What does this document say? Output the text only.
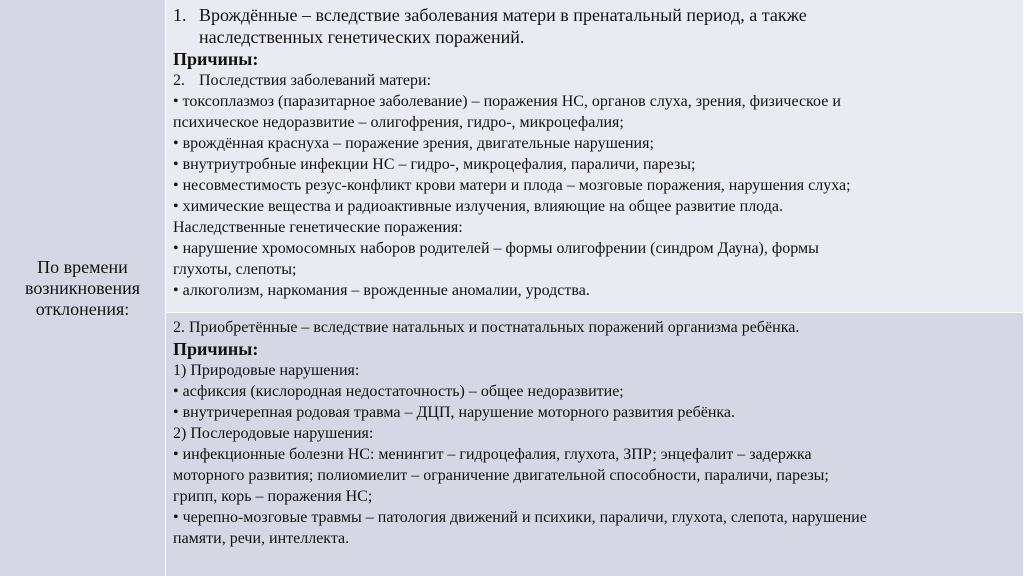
По времени
возникновения
отклонения:
1. Врождённые – вследствие заболевания матери в пренатальный период, а также
наследственных генетических поражений.
Причины:
2. Последствия заболеваний матери:
• токсоплазмоз (паразитарное заболевание) – поражения НС, органов слуха, зрения, физическое и
психическое недоразвитие – олигофрения, гидро-, микроцефалия;
• врождённая краснуха – поражение зрения, двигательные нарушения;
• внутриутробные инфекции НС – гидро-, микроцефалия, параличи, парезы;
• несовместимость резус-конфликт крови матери и плода – мозговые поражения, нарушения слуха;
• химические вещества и радиоактивные излучения, влияющие на общее развитие плода.
Наследственные генетические поражения:
• нарушение хромосомных наборов родителей – формы олигофрении (синдром Дауна), формы
глухоты, слепоты;
• алкоголизм, наркомания – врожденные аномалии, уродства.
2. Приобретённые – вследствие натальных и постнатальных поражений организма ребёнка.
Причины:
1) Природовые нарушения:
• асфиксия (кислородная недостаточность) – общее недоразвитие;
• внутричерепная родовая травма – ДЦП, нарушение моторного развития ребёнка.
2) Послеродовые нарушения:
• инфекционные болезни НС: менингит – гидроцефалия, глухота, ЗПР; энцефалит – задержка
моторного развития; полиомиелит – ограничение двигательной способности, параличи, парезы;
грипп, корь – поражения НС;
• черепно-мозговые травмы – патология движений и психики, параличи, глухота, слепота, нарушение
памяти, речи, интеллекта.
